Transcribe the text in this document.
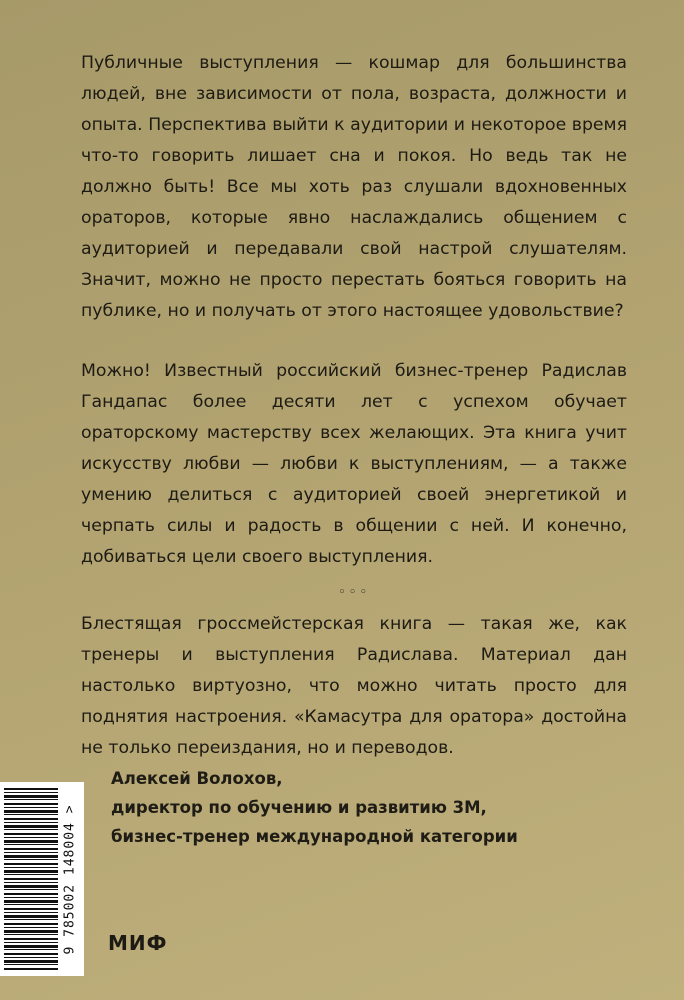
Публичные выступления — кошмар для большинства людей, вне зависимости от пола, возраста, должности и опыта. Перспектива выйти к аудитории и некоторое время что-то говорить лишает сна и покоя. Но ведь так не должно быть! Все мы хоть раз слушали вдохновенных ораторов, которые явно наслаждались общением с аудиторией и передавали свой настрой слушателям. Значит, можно не просто перестать бояться говорить на публике, но и получать от этого настоящее удовольствие?

Можно! Известный российский бизнес-тренер Радислав Гандапас более десяти лет с успехом обучает ораторскому мастерству всех желающих. Эта книга учит искусству любви — любви к выступлениям, — а также умению делиться с аудиторией своей энергетикой и черпать силы и радость в общении с ней. И конечно, добиваться цели своего выступления.

◦◦◦

Блестящая гроссмейстерская книга — такая же, как тренеры и выступления Радислава. Материал дан настолько виртуозно, что можно читать просто для поднятия настроения. «Камасутра для оратора» достойна не только переиздания, но и переводов.

Алексей Волохов,
директор по обучению и развитию 3M,
бизнес-тренер международной категории
9 785002 148004 > МИФ
